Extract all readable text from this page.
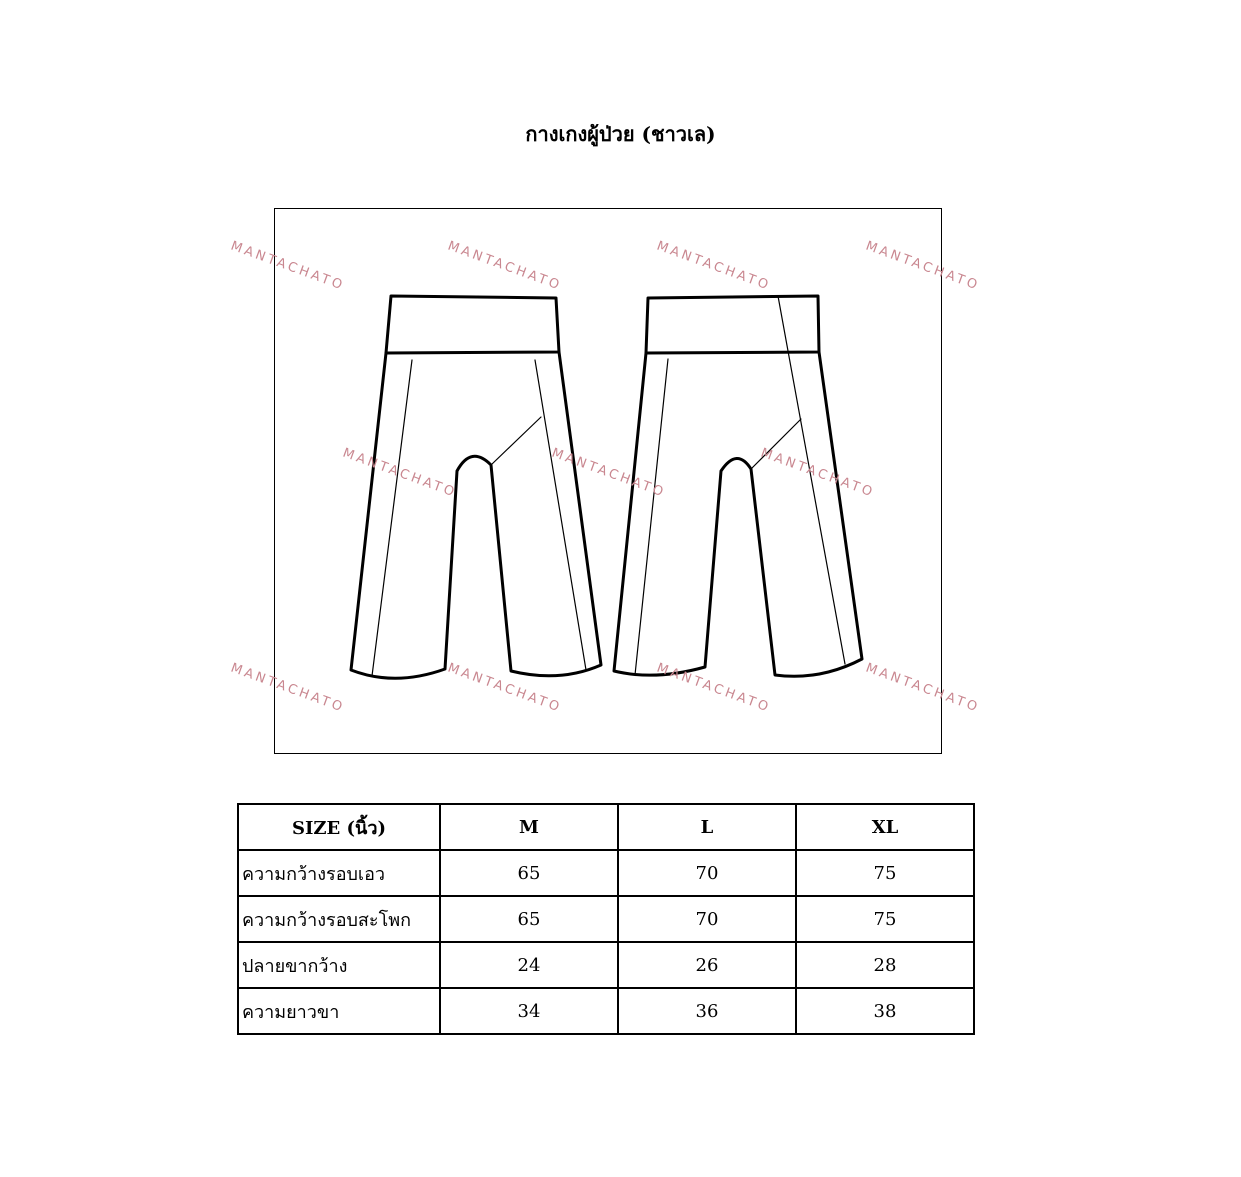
กางเกงผู้ป่วย (ชาวเล)
MANTACHATO	MANTACHATO	MANTACHATO	MANTACHATO
MANTACHATO	MANTACHATO	MANTACHATO
MANTACHATO	MANTACHATO	MANTACHATO	MANTACHATO
SIZE (นิ้ว)	M	L	XL
ความกว้างรอบเอว	65	70	75
ความกว้างรอบสะโพก	65	70	75
ปลายขากว้าง	24	26	28
ความยาวขา	34	36	38
